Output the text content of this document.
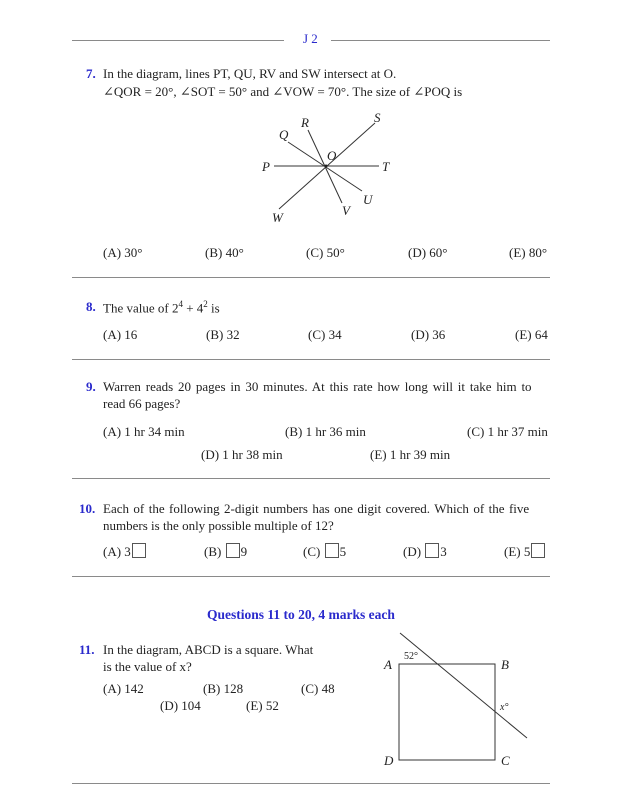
J 2
7. In the diagram, lines PT, QU, RV and SW intersect at O.
∠QOR = 20°, ∠SOT = 50° and ∠VOW = 70°. The size of ∠POQ is
S
R
Q
O
P	T
U
V
W
A	B
C
D
52°
x°
(A) 30°	(B) 40°	(C) 50°	(D) 60°	(E) 80°
8. The value of $2^4 + 4^2$ is
(A) 16	(B) 32	(C) 34	(D) 36	(E) 64
9. Warren reads 20 pages in 30 minutes. At this rate how long will it take him to
read 66 pages?
(A) 1 hr 34 min	(B) 1 hr 36 min	(C) 1 hr 37 min
(D) 1 hr 38 min	(E) 1 hr 39 min
10. Each of the following 2-digit numbers has one digit covered. Which of the five
numbers is the only possible multiple of 12?
(A) 3	(B) 9	(C) 5	(D) 3	(E) 5
Questions 11 to 20, 4 marks each
11. In the diagram, ABCD is a square. What
is the value of x?
(A) 142	(B) 128	(C) 48
(D) 104	(E) 52
